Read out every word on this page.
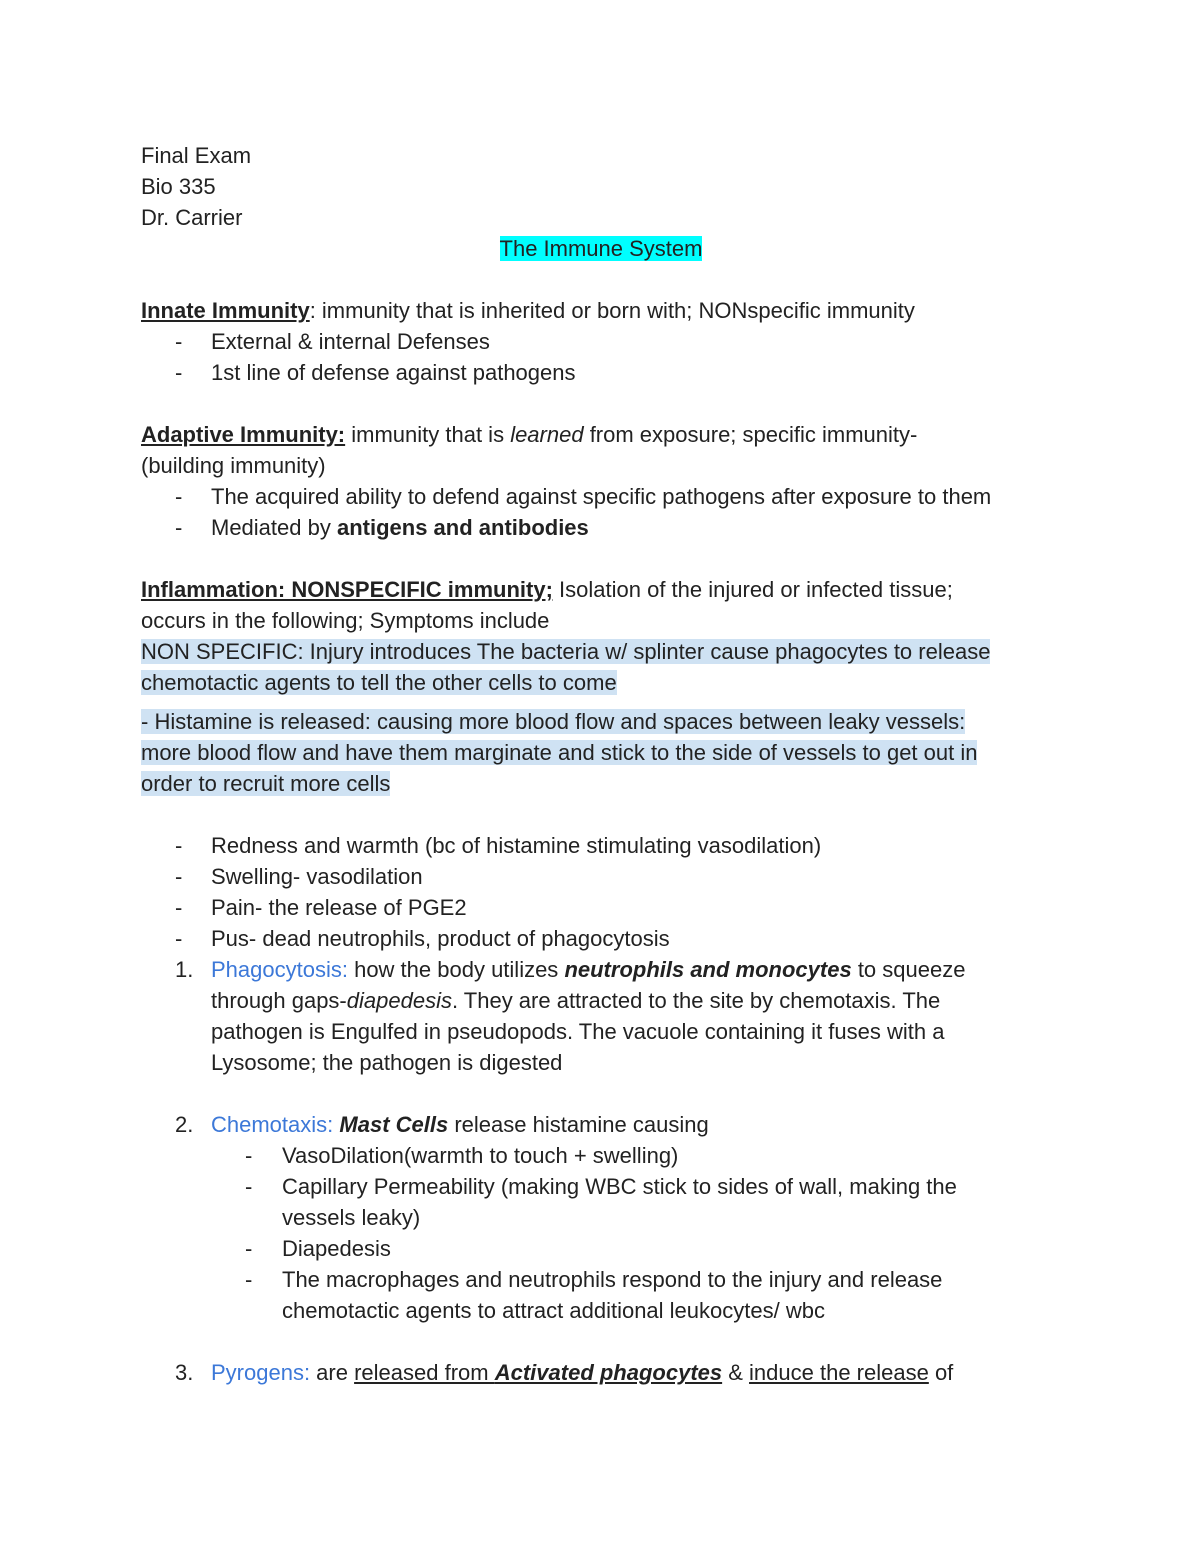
Final Exam
Bio 335
Dr. Carrier
The Immune System
Innate Immunity: immunity that is inherited or born with; NONspecific immunity
- External & internal Defenses
- 1st line of defense against pathogens
Adaptive Immunity: immunity that is learned from exposure; specific immunity-
(building immunity)
- The acquired ability to defend against specific pathogens after exposure to them
- Mediated by antigens and antibodies
Inflammation: NONSPECIFIC immunity; Isolation of the injured or infected tissue;
occurs in the following; Symptoms include
NON SPECIFIC: Injury introduces The bacteria w/ splinter cause phagocytes to release
chemotactic agents to tell the other cells to come
- Histamine is released: causing more blood flow and spaces between leaky vessels:
more blood flow and have them marginate and stick to the side of vessels to get out in
order to recruit more cells
- Redness and warmth (bc of histamine stimulating vasodilation)
- Swelling- vasodilation
- Pain- the release of PGE2
- Pus- dead neutrophils, product of phagocytosis
1. Phagocytosis: how the body utilizes neutrophils and monocytes to squeeze
through gaps-diapedesis. They are attracted to the site by chemotaxis. The
pathogen is Engulfed in pseudopods. The vacuole containing it fuses with a
Lysosome; the pathogen is digested
2. Chemotaxis: Mast Cells release histamine causing
- VasoDilation(warmth to touch + swelling)
- Capillary Permeability (making WBC stick to sides of wall, making the
vessels leaky)
- Diapedesis
- The macrophages and neutrophils respond to the injury and release
chemotactic agents to attract additional leukocytes/ wbc
3. Pyrogens: are released from Activated phagocytes & induce the release of
